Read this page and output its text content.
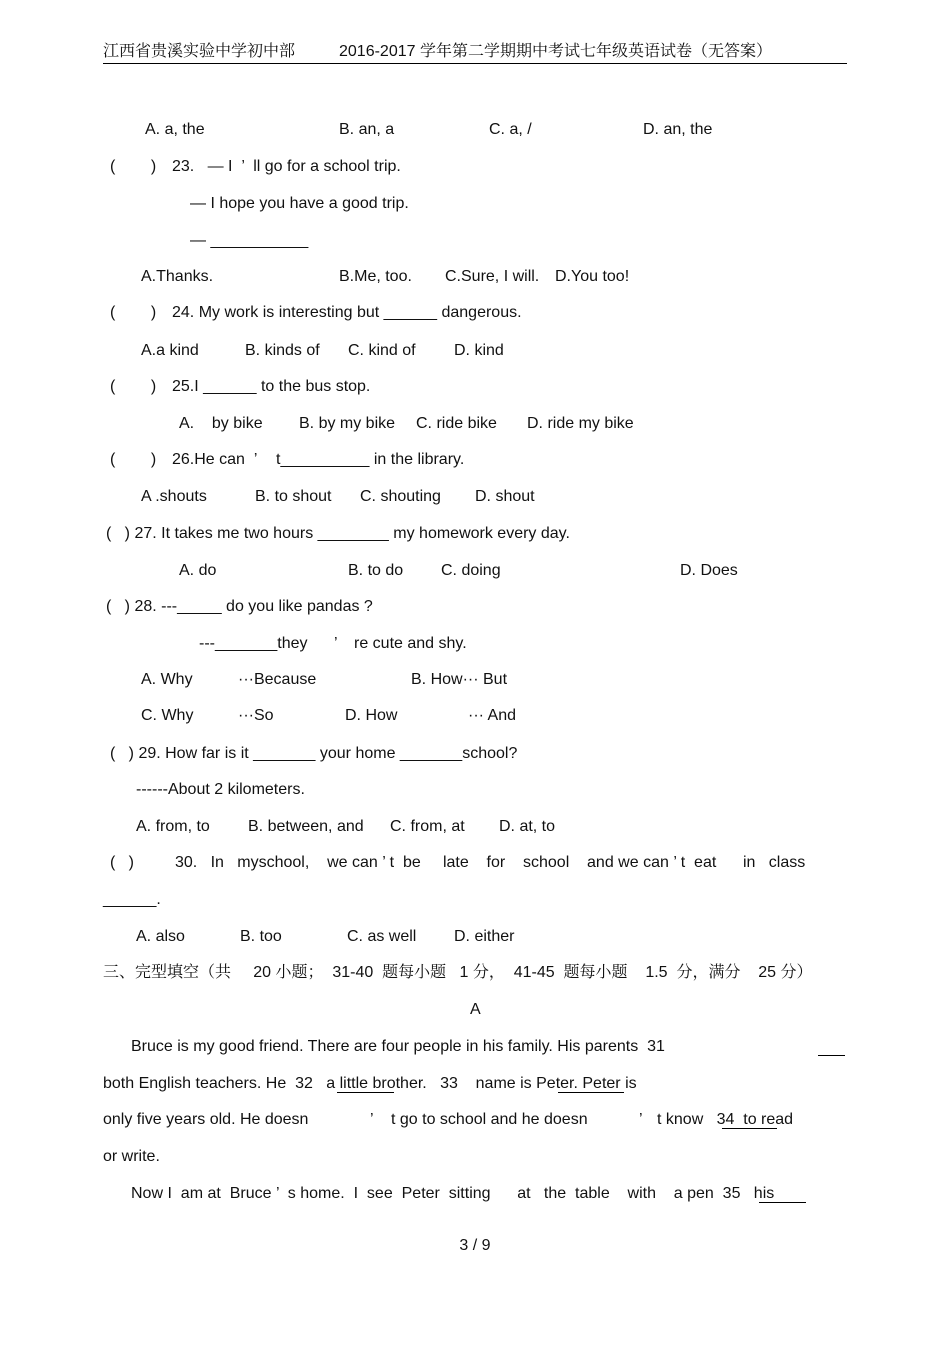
江西省贵溪实验中学初中部	2016-2017 学年第二学期期中考试七年级英语试卷（无答案）
A. a, the	B. an, a	C. a, /	D. an, the
(        ) 23.   — I  ’  ll go for a school trip.
— I hope you have a good trip.
— ___________
A.Thanks.	B.Me, too. C.Sure, I will. D.You too!
(        ) 24. My work is interesting but ______ dangerous.
A.a kind	B. kinds of C. kind of D. kind
(        ) 25.I ______ to the bus stop.
A.    by bike B. by my bike C. ride bike D. ride my bike
(        ) 26.He can  ’ t__________ in the library.
A .shouts	B. to shout C. shouting D. shout
(   ) 27. It takes me two hours ________ my homework every day.
A. do	B. to do C. doing	D. Does
(   ) 28. ---_____ do you like pandas ?
---_______they ’ re cute and shy.
A. Why	···Because	B. How··· But
C. Why	···So	D. How	··· And
(   ) 29. How far is it _______ your home _______school?
------About 2 kilometers.
A. from, to B. between, and C. from, at D. at, to
(   )	30.   In   myschool,    we can ’ t  be     late    for    school    and we can ’ t  eat      in   class
______.
A. also	B. too	C. as well D. either
三、完型填空（共     20 小题；  31-40  题每小题   1 分，  41-45  题每小题    1.5  分，满分    25 分）
A
Bruce is my good friend. There are four people in his family. His parents  31
both English teachers. He  32   a little brother.   33    name is Peter. Peter is
only five years old. He doesn	’ t go to school and he doesn	’ t know   34  to read
or write.
Now I  am at  Bruce ’  s home.  I  see  Peter  sitting      at   the  table    with    a pen  35   his
3 / 9
